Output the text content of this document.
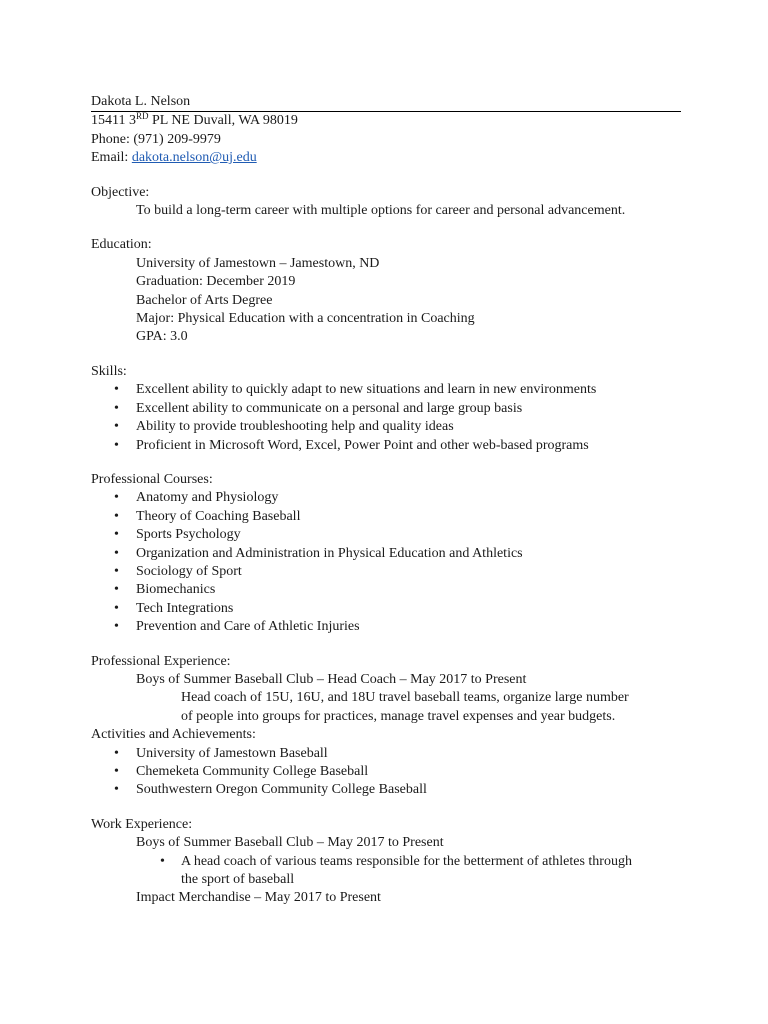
Dakota L. Nelson
15411 3RD PL NE Duvall, WA 98019
Phone: (971) 209-9979
Email: dakota.nelson@uj.edu
Objective:
To build a long-term career with multiple options for career and personal advancement.
Education:
University of Jamestown – Jamestown, ND
Graduation: December 2019
Bachelor of Arts Degree
Major: Physical Education with a concentration in Coaching
GPA: 3.0
Skills:
• Excellent ability to quickly adapt to new situations and learn in new environments
• Excellent ability to communicate on a personal and large group basis
• Ability to provide troubleshooting help and quality ideas
• Proficient in Microsoft Word, Excel, Power Point and other web-based programs
Professional Courses:
• Anatomy and Physiology
• Theory of Coaching Baseball
• Sports Psychology
• Organization and Administration in Physical Education and Athletics
• Sociology of Sport
• Biomechanics
• Tech Integrations
• Prevention and Care of Athletic Injuries
Professional Experience:
Boys of Summer Baseball Club – Head Coach – May 2017 to Present
Head coach of 15U, 16U, and 18U travel baseball teams, organize large number
of people into groups for practices, manage travel expenses and year budgets.
Activities and Achievements:
• University of Jamestown Baseball
• Chemeketa Community College Baseball
• Southwestern Oregon Community College Baseball
Work Experience:
Boys of Summer Baseball Club – May 2017 to Present
• A head coach of various teams responsible for the betterment of athletes through
the sport of baseball
Impact Merchandise – May 2017 to Present
